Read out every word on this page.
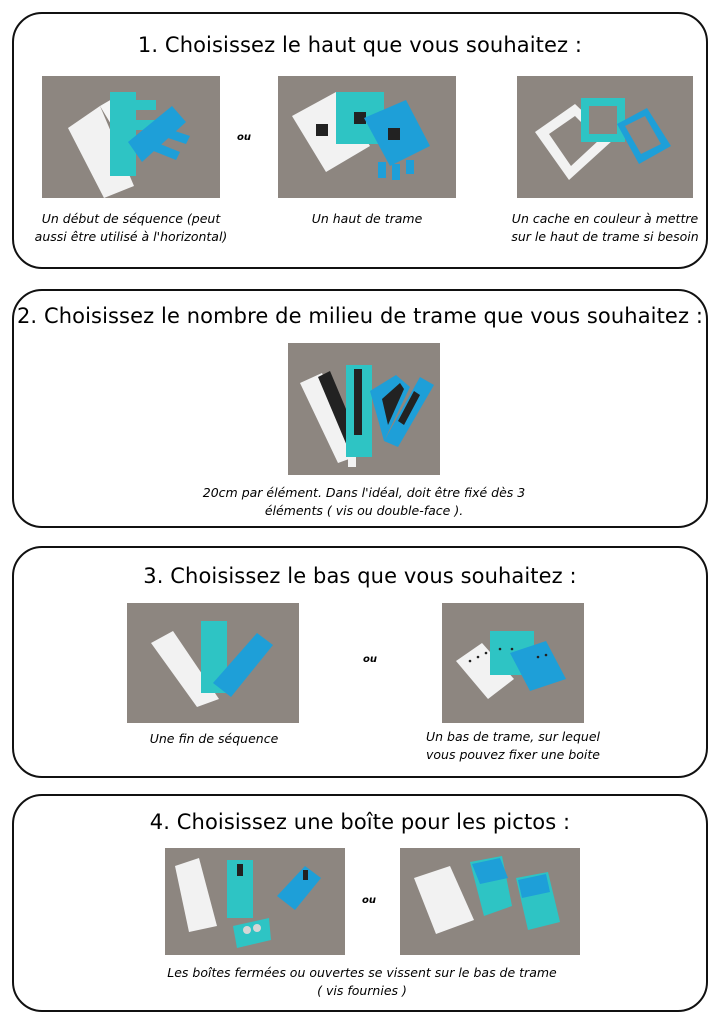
1. Choisissez le haut que vous souhaitez :
Un début de séquence (peut
aussi être utilisé à l'horizontal)
ou
Un haut de trame	Un cache en couleur à mettre
sur le haut de trame si besoin
2. Choisissez le nombre de milieu de trame que vous souhaitez :
20cm par élément. Dans l'idéal, doit être fixé dès 3
éléments ( vis ou double-face ).
3. Choisissez le bas que vous souhaitez :
Une fin de séquence
ou
Un bas de trame, sur lequel
vous pouvez fixer une boite
4. Choisissez une boîte pour les pictos :
ou
Les boîtes fermées ou ouvertes se vissent sur le bas de trame
( vis fournies )
